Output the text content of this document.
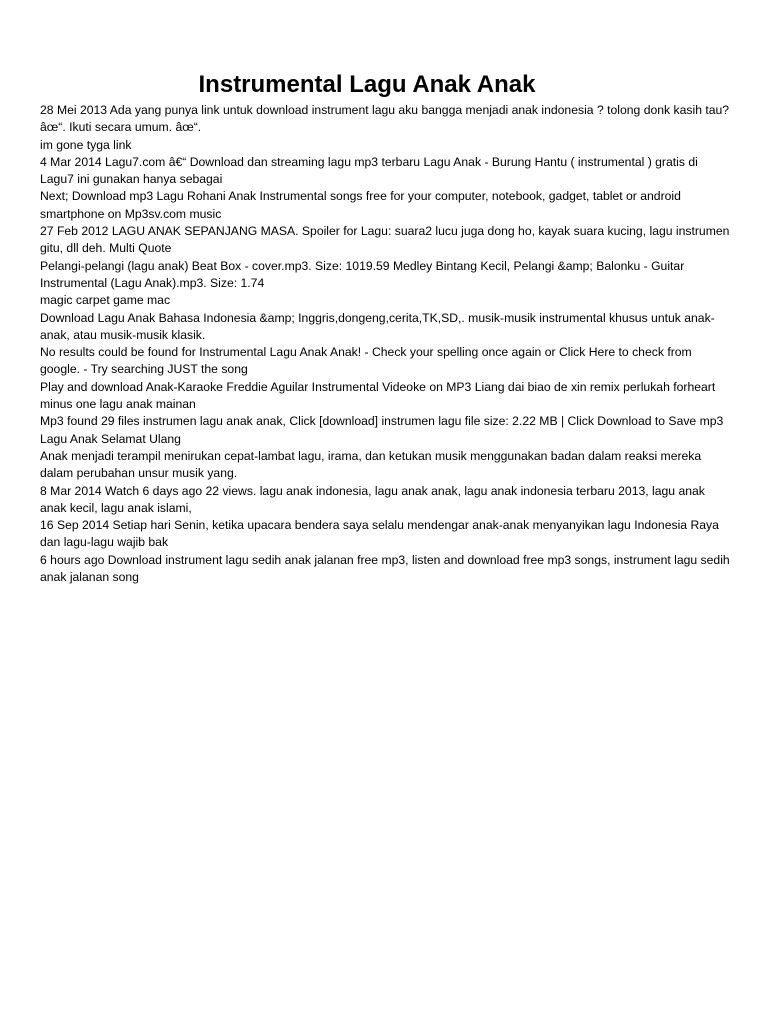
Instrumental Lagu Anak Anak

28 Mei 2013 Ada yang punya link untuk download instrument lagu aku bangga menjadi anak indonesia ? tolong donk kasih tau? âœ“. Ikuti secara umum. âœ“.

im gone tyga link

4 Mar 2014 Lagu7.com â€“ Download dan streaming lagu mp3 terbaru Lagu Anak - Burung Hantu ( instrumental ) gratis di Lagu7 ini gunakan hanya sebagai

Next; Download mp3 Lagu Rohani Anak Instrumental songs free for your computer, notebook, gadget, tablet or android smartphone on Mp3sv.com music

27 Feb 2012 LAGU ANAK SEPANJANG MASA. Spoiler for Lagu: suara2 lucu juga dong ho, kayak suara kucing, lagu instrumen gitu, dll deh. Multi Quote

Pelangi-pelangi (lagu anak) Beat Box - cover.mp3. Size: 1019.59 Medley Bintang Kecil, Pelangi &amp; Balonku - Guitar Instrumental (Lagu Anak).mp3. Size: 1.74

magic carpet game mac

Download Lagu Anak Bahasa Indonesia &amp; Inggris,dongeng,cerita,TK,SD,. musik-musik instrumental khusus untuk anak-anak, atau musik-musik klasik.

No results could be found for Instrumental Lagu Anak Anak! - Check your spelling once again or Click Here to check from google. - Try searching JUST the song

Play and download Anak-Karaoke Freddie Aguilar Instrumental Videoke on MP3 Liang dai biao de xin remix perlukah forheart minus one lagu anak mainan

Mp3 found 29 files instrumen lagu anak anak, Click [download] instrumen lagu file size: 2.22 MB | Click Download to Save mp3 Lagu Anak Selamat Ulang

Anak menjadi terampil menirukan cepat-lambat lagu, irama, dan ketukan musik menggunakan badan dalam reaksi mereka dalam perubahan unsur musik yang.

8 Mar 2014 Watch 6 days ago 22 views. lagu anak indonesia, lagu anak anak, lagu anak indonesia terbaru 2013, lagu anak anak kecil, lagu anak islami,

16 Sep 2014 Setiap hari Senin, ketika upacara bendera saya selalu mendengar anak-anak menyanyikan lagu Indonesia Raya dan lagu-lagu wajib bak

6 hours ago Download instrument lagu sedih anak jalanan free mp3, listen and download free mp3 songs, instrument lagu sedih anak jalanan song
